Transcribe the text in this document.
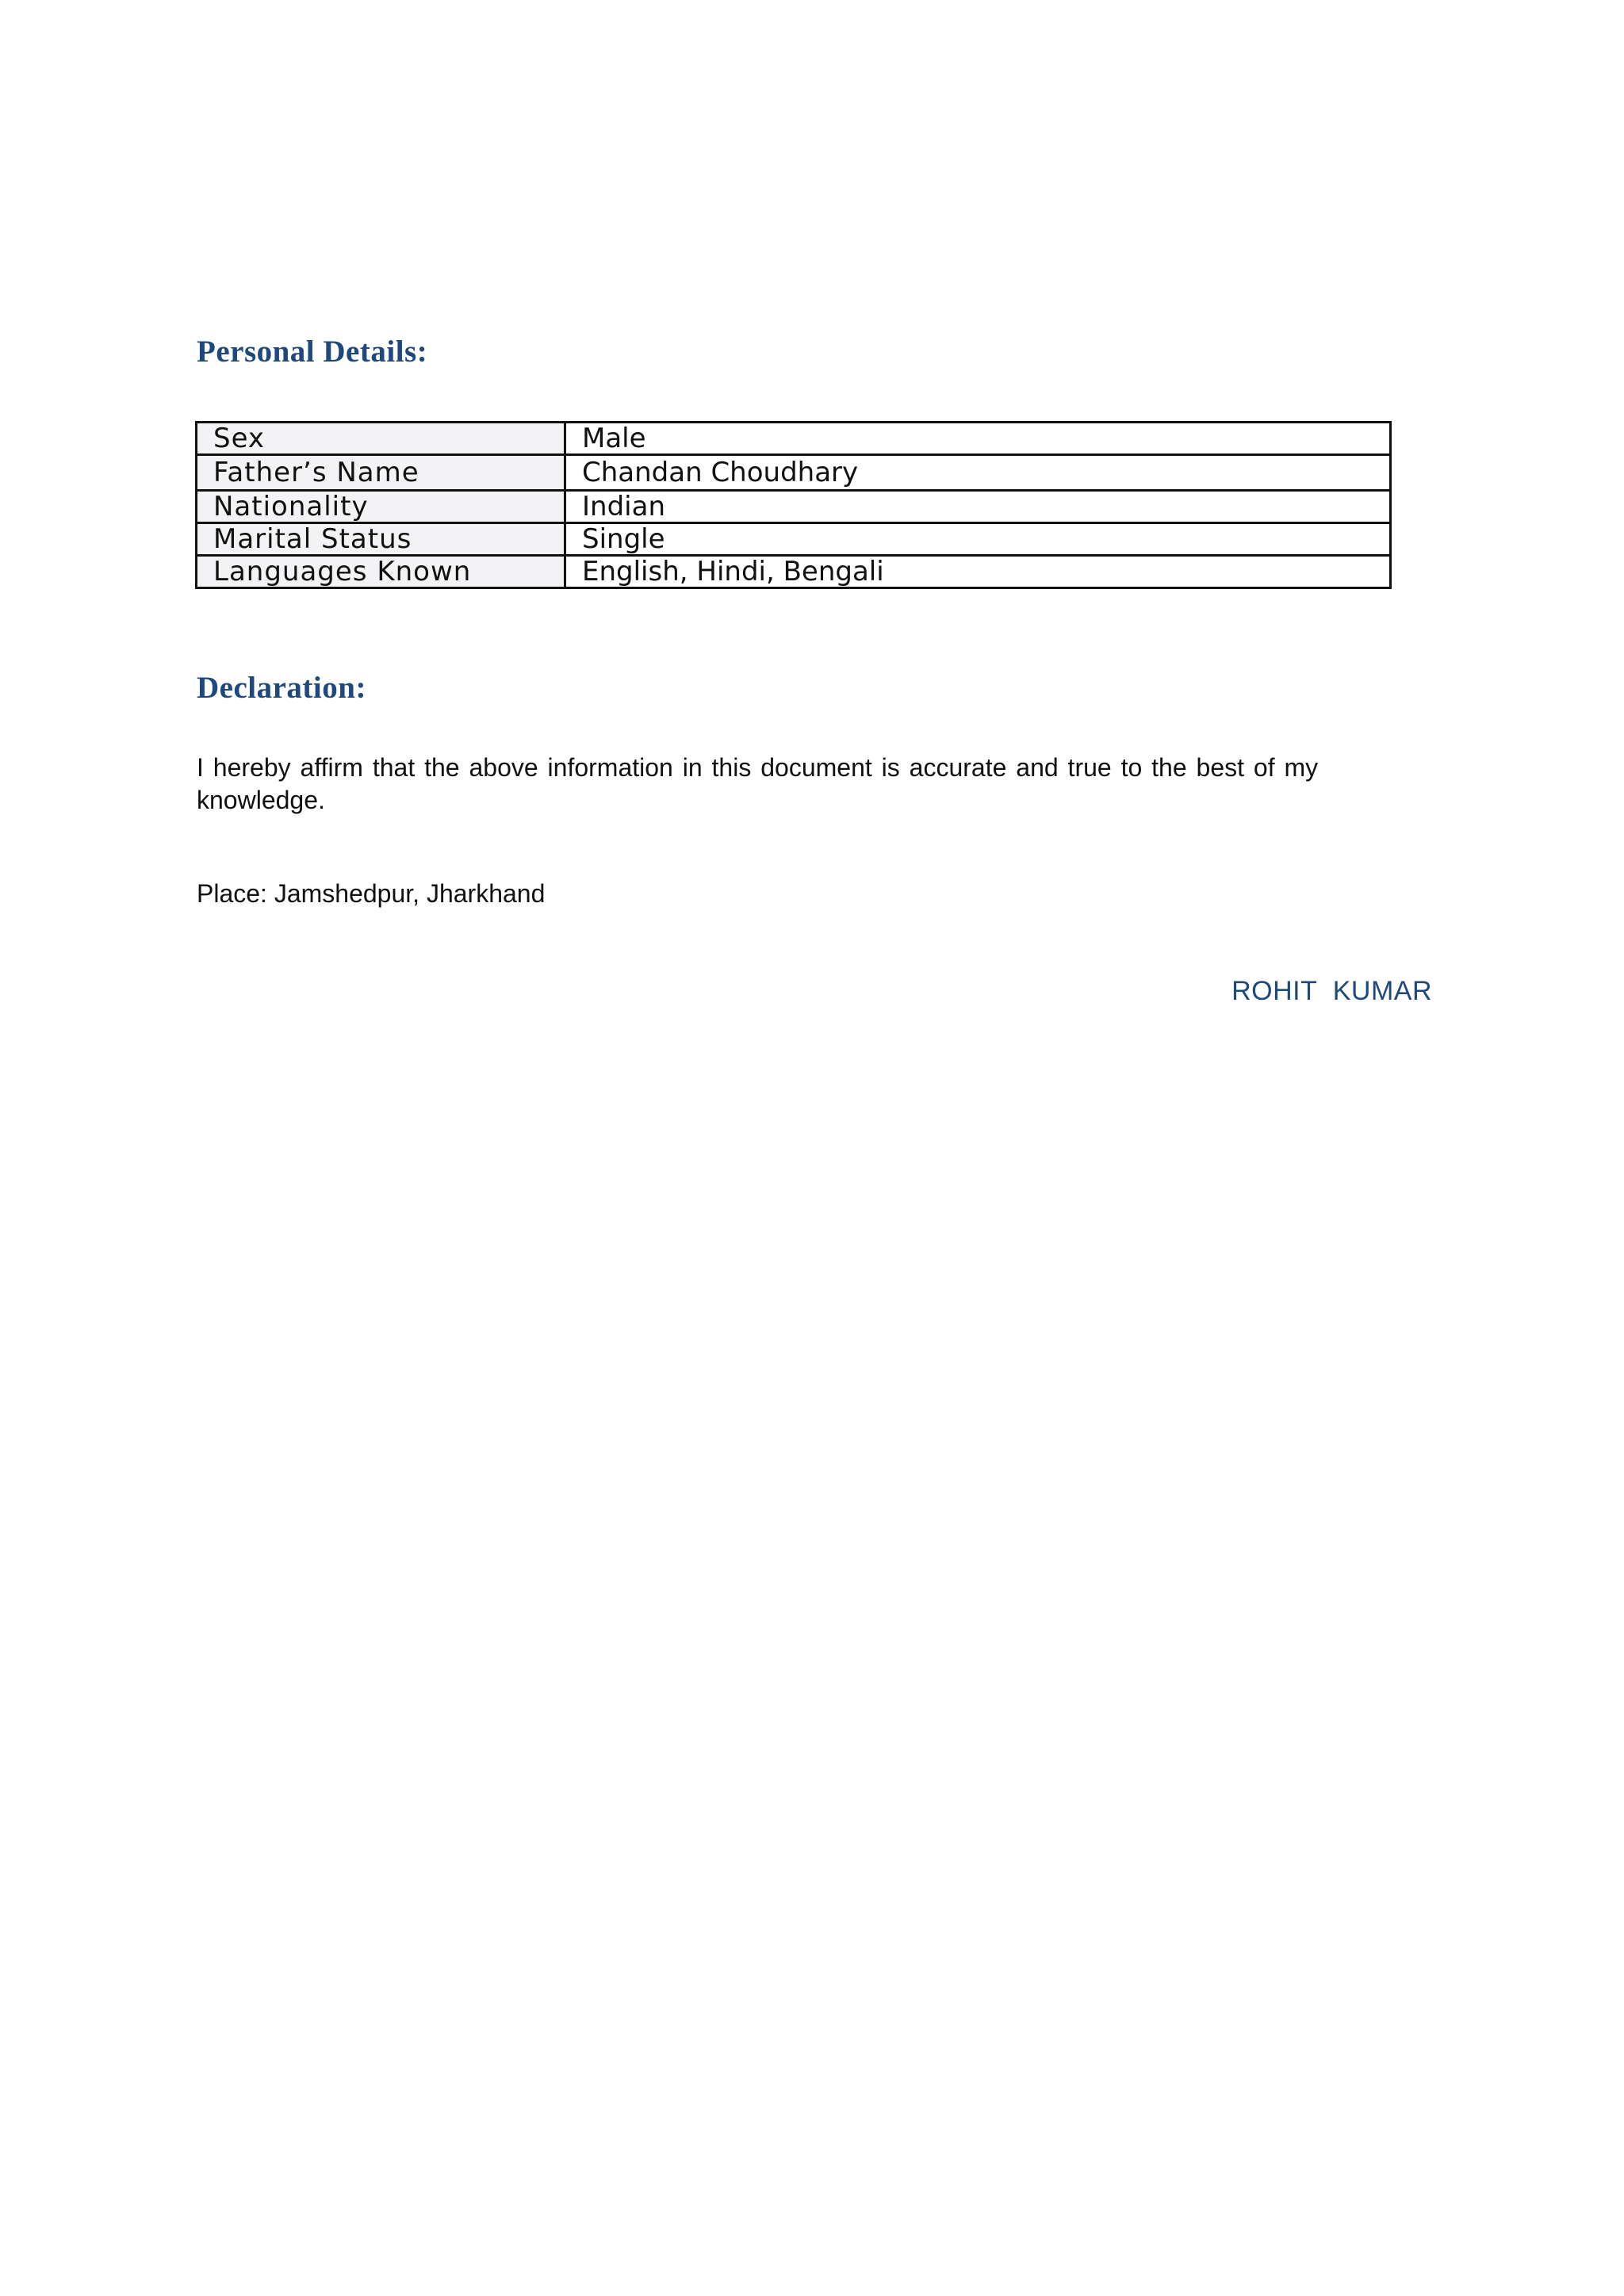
Personal Details:
Sex	Male
Father’s Name	Chandan Choudhary
Nationality	Indian
Marital Status	Single
Languages Known	English, Hindi, Bengali
Declaration:

I hereby affirm that the above information in this document is accurate and true to the best of my knowledge.

Place: Jamshedpur, Jharkhand

ROHIT KUMAR
